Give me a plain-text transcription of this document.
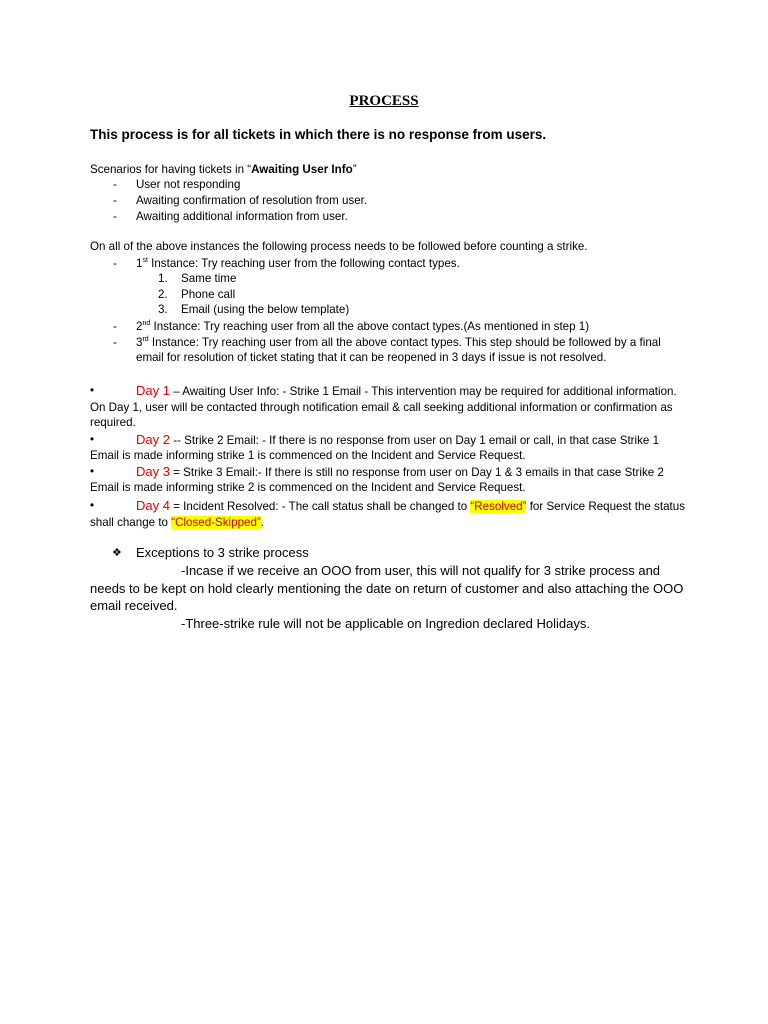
PROCESS
This process is for all tickets in which there is no response from users.
Scenarios for having tickets in “Awaiting User Info”
- User not responding
- Awaiting confirmation of resolution from user.
- Awaiting additional information from user.
On all of the above instances the following process needs to be followed before counting a strike.
- 1st Instance: Try reaching user from the following contact types.
1. Same time
2. Phone call
3. Email (using the below template)
- 2nd Instance: Try reaching user from all the above contact types.(As mentioned in step 1)
- 3rd Instance: Try reaching user from all the above contact types. This step should be followed by a final
email for resolution of ticket stating that it can be reopened in 3 days if issue is not resolved.
•	Day 1 – Awaiting User Info: - Strike 1 Email - This intervention may be required for additional information.
On Day 1, user will be contacted through notification email & call seeking additional information or confirmation as
required.
•	Day 2 -- Strike 2 Email: - If there is no response from user on Day 1 email or call, in that case Strike 1
Email is made informing strike 1 is commenced on the Incident and Service Request.
•	Day 3 = Strike 3 Email:- If there is still no response from user on Day 1 & 3 emails in that case Strike 2
Email is made informing strike 2 is commenced on the Incident and Service Request.
•	Day 4 = Incident Resolved: - The call status shall be changed to “Resolved” for Service Request the status
shall change to “Closed-Skipped”.
❖ Exceptions to 3 strike process
-Incase if we receive an OOO from user, this will not qualify for 3 strike process and
needs to be kept on hold clearly mentioning the date on return of customer and also attaching the OOO
email received.
-Three-strike rule will not be applicable on Ingredion declared Holidays.
